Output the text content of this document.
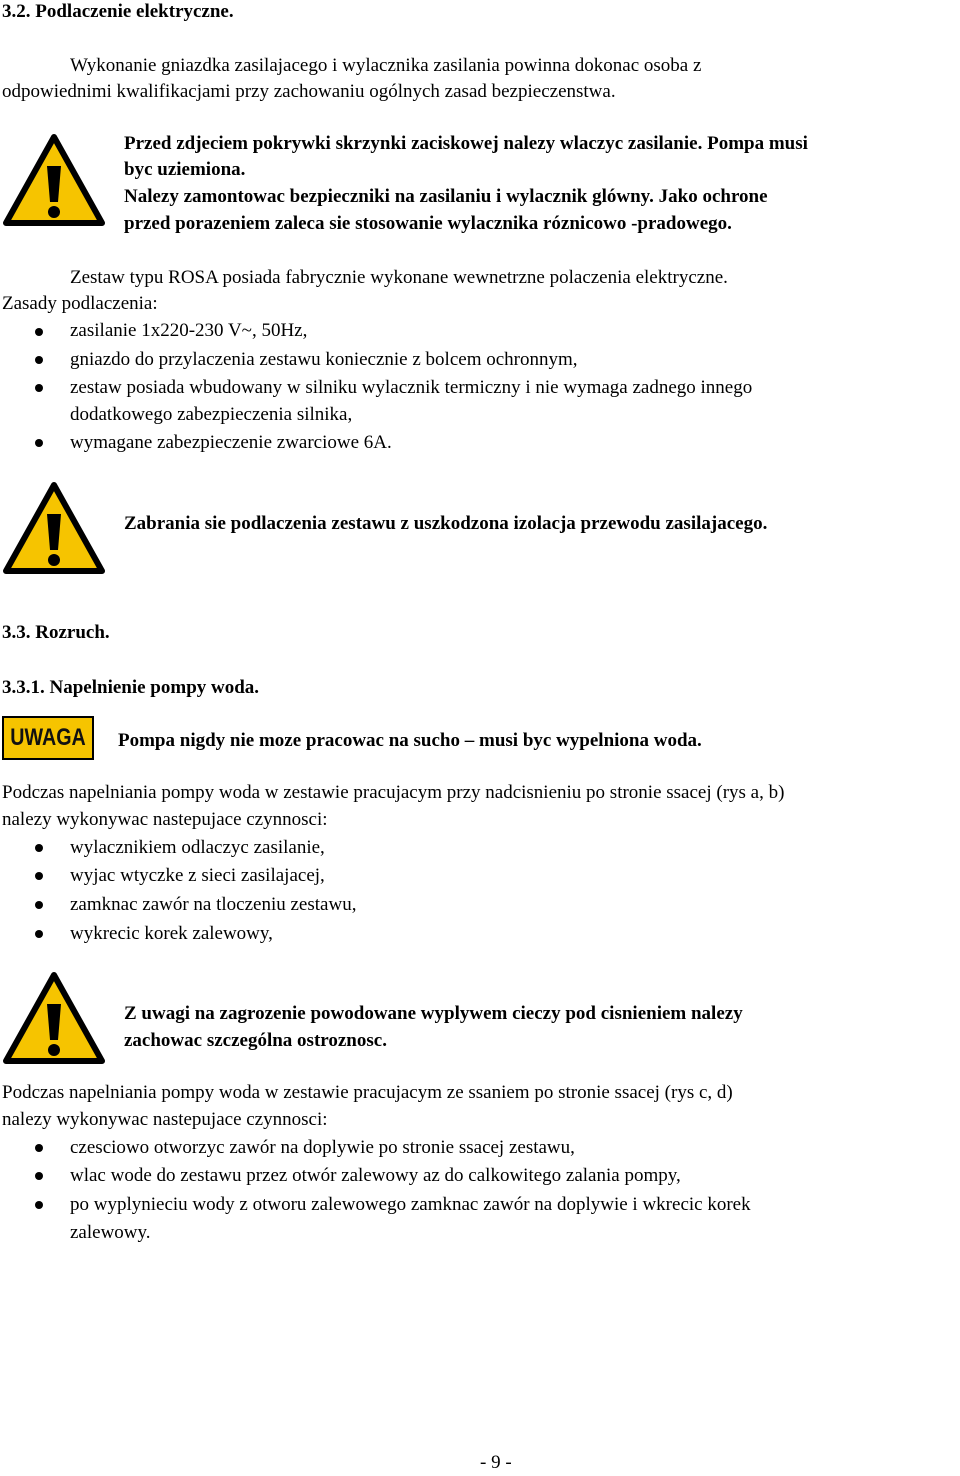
3.2. Podlaczenie elektryczne.
Wykonanie gniazdka zasilajacego i wylacznika zasilania powinna dokonac osoba z
odpowiednimi kwalifikacjami przy zachowaniu ogólnych zasad bezpieczenstwa.
Przed zdjeciem pokrywki skrzynki zaciskowej nalezy wlaczyc zasilanie. Pompa musi
byc uziemiona.
Nalezy zamontowac bezpieczniki na zasilaniu i wylacznik glówny. Jako ochrone
przed porazeniem zaleca sie stosowanie wylacznika róznicowo -pradowego.
Zestaw typu ROSA posiada fabrycznie wykonane wewnetrzne polaczenia elektryczne.
Zasady podlaczenia:
zasilanie 1x220-230 V~, 50Hz,
gniazdo do przylaczenia zestawu koniecznie z bolcem ochronnym,
zestaw posiada wbudowany w silniku wylacznik termiczny i nie wymaga zadnego innego
dodatkowego zabezpieczenia silnika,
wymagane zabezpieczenie zwarciowe 6A.
Zabrania sie podlaczenia zestawu z uszkodzona izolacja przewodu zasilajacego.
3.3. Rozruch.
3.3.1. Napelnienie pompy woda.
UWAGA Pompa nigdy nie moze pracowac na sucho – musi byc wypelniona woda.
Podczas napelniania pompy woda w zestawie pracujacym przy nadcisnieniu po stronie ssacej (rys a, b)
nalezy wykonywac nastepujace czynnosci:
wylacznikiem odlaczyc zasilanie,
wyjac wtyczke z sieci zasilajacej,
zamknac zawór na tloczeniu zestawu,
wykrecic korek zalewowy,
Z uwagi na zagrozenie powodowane wyplywem cieczy pod cisnieniem nalezy
zachowac szczególna ostroznosc.
Podczas napelniania pompy woda w zestawie pracujacym ze ssaniem po stronie ssacej (rys c, d)
nalezy wykonywac nastepujace czynnosci:
czesciowo otworzyc zawór na doplywie po stronie ssacej zestawu,
wlac wode do zestawu przez otwór zalewowy az do calkowitego zalania pompy,
po wyplynieciu wody z otworu zalewowego zamknac zawór na doplywie i wkrecic korek
zalewowy.
- 9 -
